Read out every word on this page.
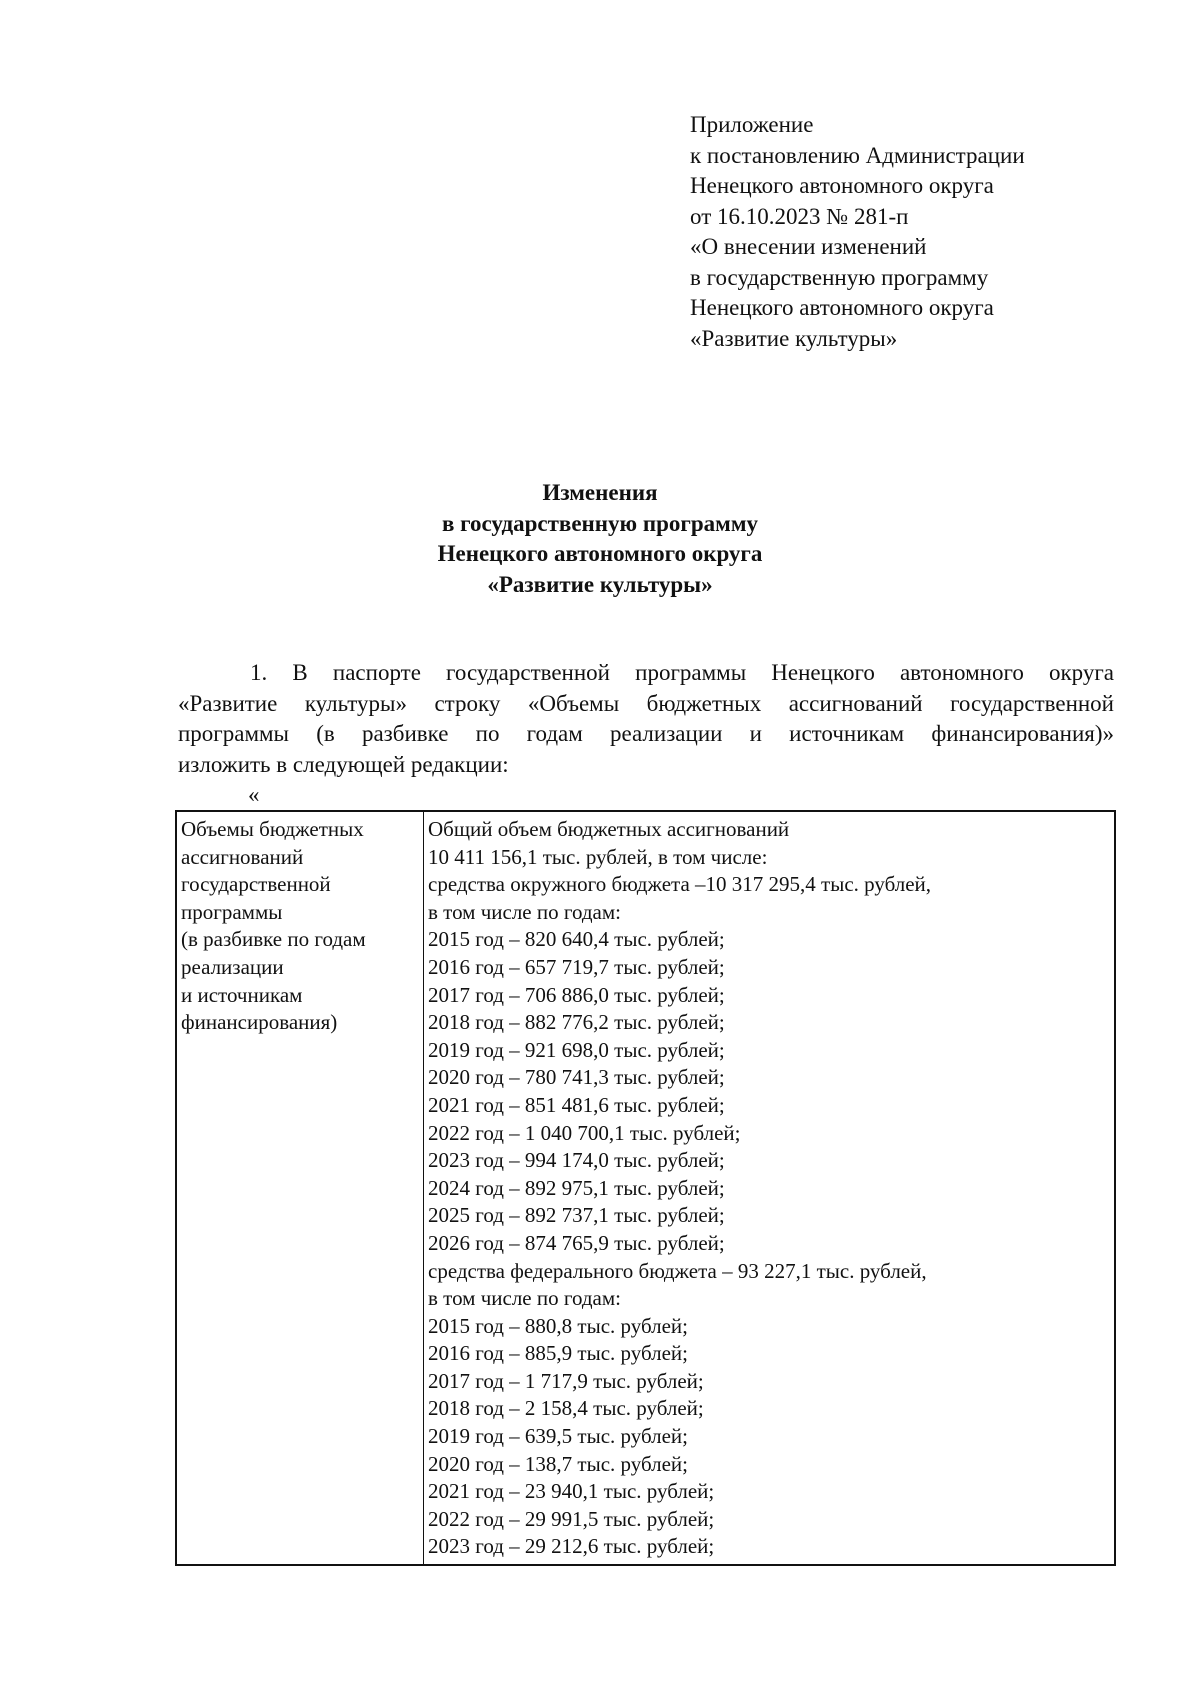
Приложение
к постановлению Администрации
Ненецкого автономного округа
от 16.10.2023 № 281-п
«О внесении изменений
в государственную программу
Ненецкого автономного округа
«Развитие культуры»
Изменения
в государственную программу
Ненецкого автономного округа
«Развитие культуры»
1. В паспорте государственной программы Ненецкого автономного округа
«Развитие культуры» строку «Объемы бюджетных ассигнований государственной
программы (в разбивке по годам реализации и источникам финансирования)»
изложить в следующей редакции:
«
Объемы бюджетных
ассигнований
государственной
программы
(в разбивке по годам
реализации
и источникам
финансирования)
Общий объем бюджетных ассигнований
10 411 156,1 тыс. рублей, в том числе:
средства окружного бюджета –10 317 295,4 тыс. рублей,
в том числе по годам:
2015 год – 820 640,4 тыс. рублей;
2016 год – 657 719,7 тыс. рублей;
2017 год – 706 886,0 тыс. рублей;
2018 год – 882 776,2 тыс. рублей;
2019 год – 921 698,0 тыс. рублей;
2020 год – 780 741,3 тыс. рублей;
2021 год – 851 481,6 тыс. рублей;
2022 год – 1 040 700,1 тыс. рублей;
2023 год – 994 174,0 тыс. рублей;
2024 год – 892 975,1 тыс. рублей;
2025 год – 892 737,1 тыс. рублей;
2026 год – 874 765,9 тыс. рублей;
средства федерального бюджета – 93 227,1 тыс. рублей,
в том числе по годам:
2015 год – 880,8 тыс. рублей;
2016 год – 885,9 тыс. рублей;
2017 год – 1 717,9 тыс. рублей;
2018 год – 2 158,4 тыс. рублей;
2019 год – 639,5 тыс. рублей;
2020 год – 138,7 тыс. рублей;
2021 год – 23 940,1 тыс. рублей;
2022 год – 29 991,5 тыс. рублей;
2023 год – 29 212,6 тыс. рублей;
